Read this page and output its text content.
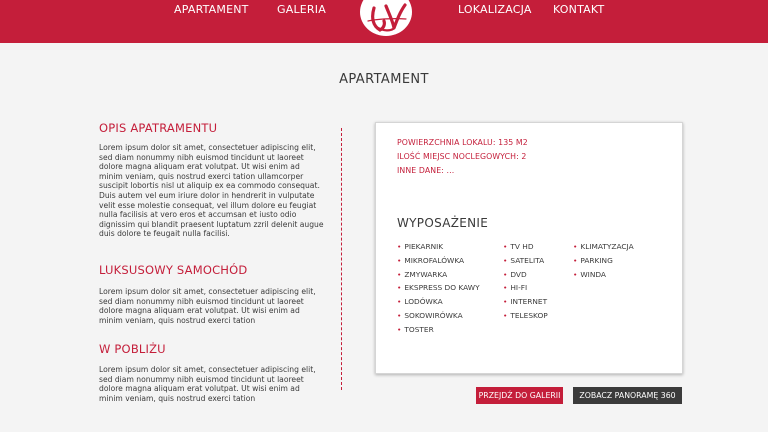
APARTAMENT	GALERIA	LOKALIZACJA KONTAKT
APARTAMENT
OPIS APATRAMENTU

Lorem ipsum dolor sit amet, consectetuer adipiscing elit, sed diam nonummy nibh euismod tincidunt ut laoreet dolore magna aliquam erat volutpat. Ut wisi enim ad minim veniam, quis nostrud exerci tation ullamcorper suscipit lobortis nisl ut aliquip ex ea commodo consequat. Duis autem vel eum iriure dolor in hendrerit in vulputate velit esse molestie consequat, vel illum dolore eu feugiat nulla facilisis at vero eros et accumsan et iusto odio dignissim qui blandit praesent luptatum zzril delenit augue duis dolore te feugait nulla facilisi.

LUKSUSOWY SAMOCHÓD

Lorem ipsum dolor sit amet, consectetuer adipiscing elit, sed diam nonummy nibh euismod tincidunt ut laoreet dolore magna aliquam erat volutpat. Ut wisi enim ad minim veniam, quis nostrud exerci tation

W POBLIŻU

Lorem ipsum dolor sit amet, consectetuer adipiscing elit, sed diam nonummy nibh euismod tincidunt ut laoreet dolore magna aliquam erat volutpat. Ut wisi enim ad minim veniam, quis nostrud exerci tation

POWIERZCHNIA LOKALU: 135 M2
ILOŚĆ MIEJSC NOCLEGOWYCH: 2
INNE DANE: ...
WYPOSAŻENIE
• PIEKARNIK
• MIKROFALÓWKA
• ZMYWARKA
• EKSPRESS DO KAWY
• LODÓWKA
• SOKOWIRÓWKA
• TOSTER
• TV HD
• SATELITA
• DVD
• HI-FI
• INTERNET
• TELESKOP
• KLIMATYZACJA
• PARKING
• WINDA
PRZEJDŹ DO GALERII	ZOBACZ PANORAMĘ 360
